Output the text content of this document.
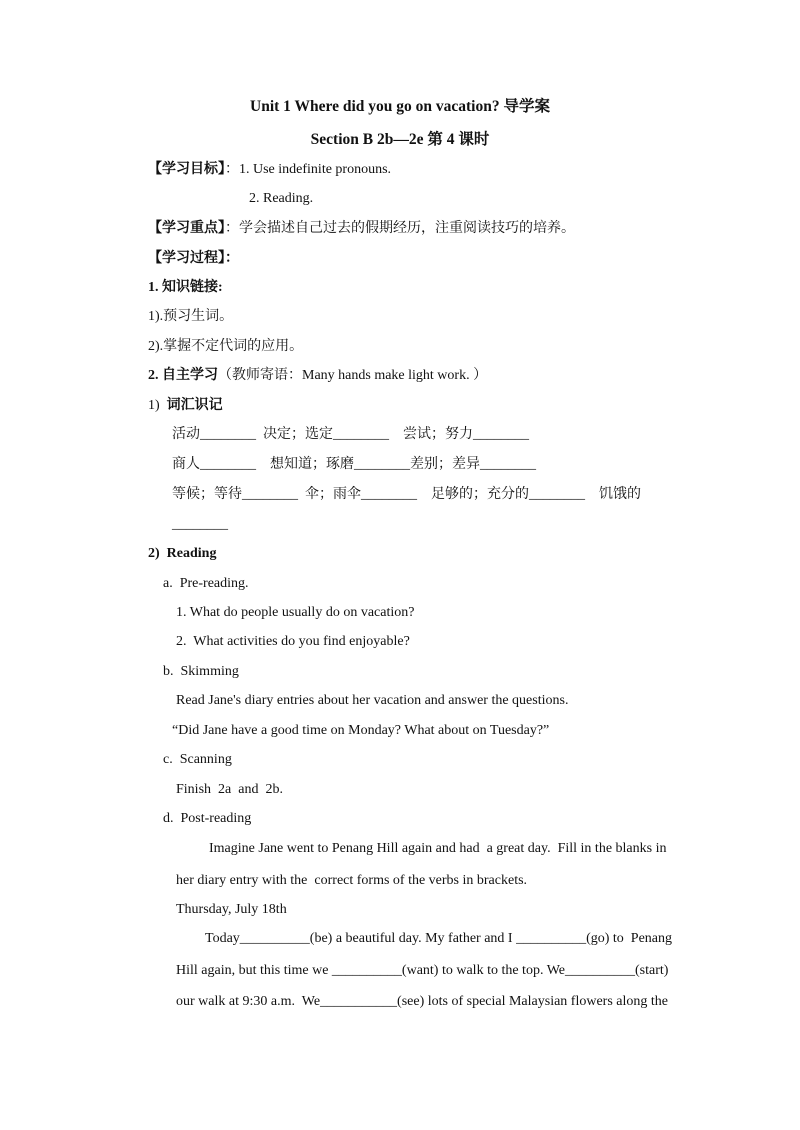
Unit 1 Where did you go on vacation? 导学案
Section B 2b—2e 第 4 课时
【学习目标】：1. Use indefinite pronouns.
2. Reading.
【学习重点】：学会描述自己过去的假期经历，注重阅读技巧的培养。
【学习过程】：
1. 知识链接:
1).预习生词。
2).掌握不定代词的应用。
2. 自主学习（教师寄语：Many hands make light work. ）
1)  词汇识记
活动________  决定；选定________    尝试；努力________
商人________    想知道；琢磨________差别；差异________
等候；等待________  伞；雨伞________    足够的；充分的________    饥饿的
________
2)  Reading
a.  Pre-reading.
1. What do people usually do on vacation?
2.  What activities do you find enjoyable?
b.  Skimming
Read Jane's diary entries about her vacation and answer the questions.
“Did Jane have a good time on Monday? What about on Tuesday?”
c.  Scanning
Finish  2a  and  2b.
d.  Post-reading
Imagine Jane went to Penang Hill again and had  a great day.  Fill in the blanks in
her diary entry with the  correct forms of the verbs in brackets.
Thursday, July 18th
Today__________(be) a beautiful day. My father and I __________(go) to  Penang
Hill again, but this time we __________(want) to walk to the top. We__________(start)
our walk at 9:30 a.m.  We___________(see) lots of special Malaysian flowers along the
